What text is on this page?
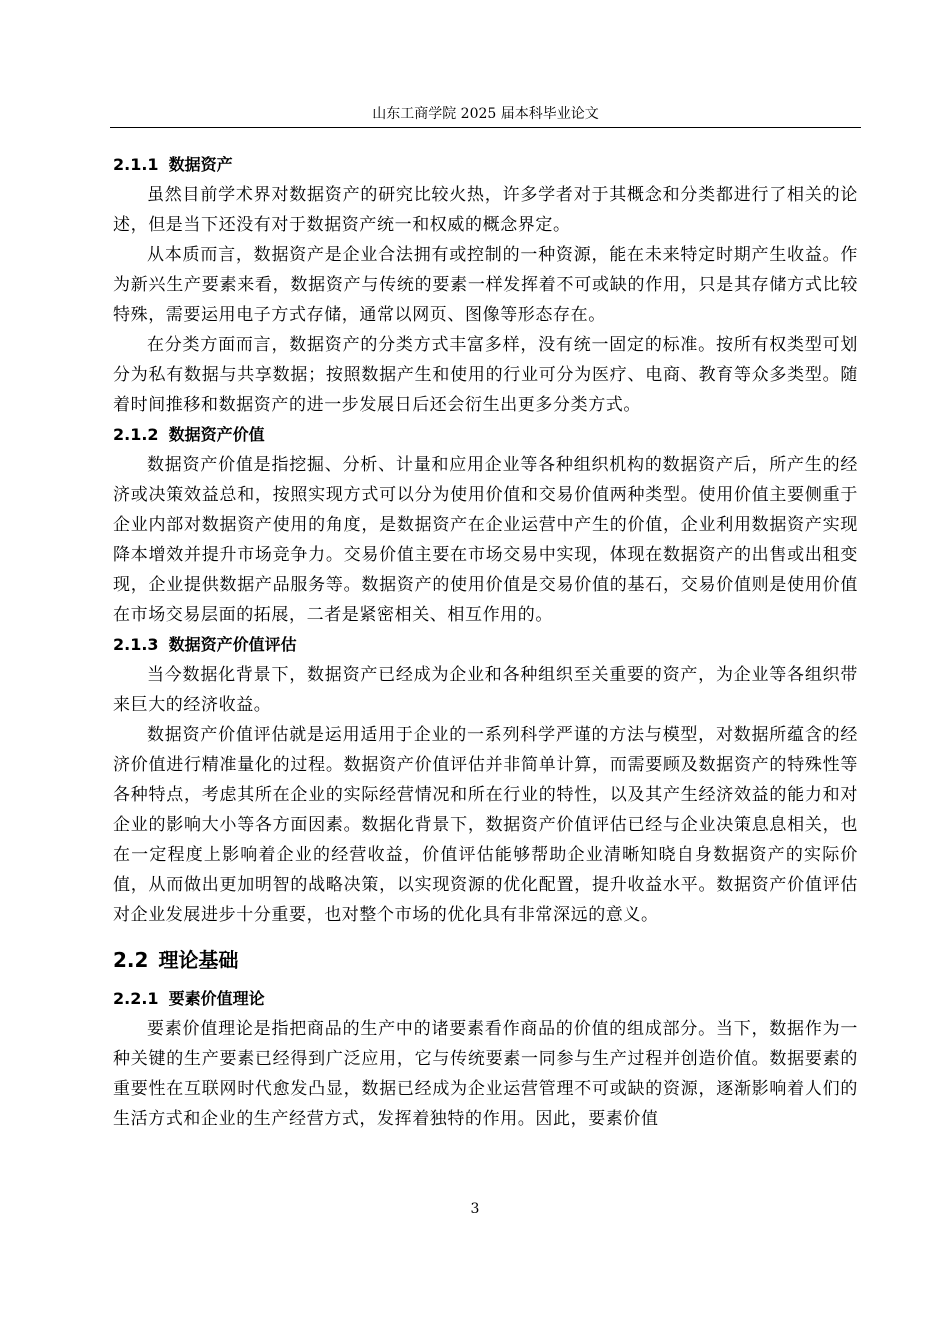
山东工商学院 2025 届本科毕业论文
2.1.1 数据资产

虽然目前学术界对数据资产的研究比较火热，许多学者对于其概念和分类都进行了相关的论述，但是当下还没有对于数据资产统一和权威的概念界定。

从本质而言，数据资产是企业合法拥有或控制的一种资源，能在未来特定时期产生收益。作为新兴生产要素来看，数据资产与传统的要素一样发挥着不可或缺的作用，只是其存储方式比较特殊，需要运用电子方式存储，通常以网页、图像等形态存在。

在分类方面而言，数据资产的分类方式丰富多样，没有统一固定的标准。按所有权类型可划分为私有数据与共享数据；按照数据产生和使用的行业可分为医疗、电商、教育等众多类型。随着时间推移和数据资产的进一步发展日后还会衍生出更多分类方式。

2.1.2 数据资产价值

数据资产价值是指挖掘、分析、计量和应用企业等各种组织机构的数据资产后，所产生的经济或决策效益总和，按照实现方式可以分为使用价值和交易价值两种类型。使用价值主要侧重于企业内部对数据资产使用的角度，是数据资产在企业运营中产生的价值，企业利用数据资产实现降本增效并提升市场竞争力。交易价值主要在市场交易中实现，体现在数据资产的出售或出租变现，企业提供数据产品服务等。数据资产的使用价值是交易价值的基石，交易价值则是使用价值在市场交易层面的拓展，二者是紧密相关、相互作用的。

2.1.3 数据资产价值评估

当今数据化背景下，数据资产已经成为企业和各种组织至关重要的资产，为企业等各组织带来巨大的经济收益。

数据资产价值评估就是运用适用于企业的一系列科学严谨的方法与模型，对数据所蕴含的经济价值进行精准量化的过程。数据资产价值评估并非简单计算，而需要顾及数据资产的特殊性等各种特点，考虑其所在企业的实际经营情况和所在行业的特性，以及其产生经济效益的能力和对企业的影响大小等各方面因素。数据化背景下，数据资产价值评估已经与企业决策息息相关，也在一定程度上影响着企业的经营收益，价值评估能够帮助企业清晰知晓自身数据资产的实际价值，从而做出更加明智的战略决策，以实现资源的优化配置，提升收益水平。数据资产价值评估对企业发展进步十分重要，也对整个市场的优化具有非常深远的意义。

2.2 理论基础
2.2.1 要素价值理论

要素价值理论是指把商品的生产中的诸要素看作商品的价值的组成部分。当下，数据作为一种关键的生产要素已经得到广泛应用，它与传统要素一同参与生产过程并创造价值。数据要素的重要性在互联网时代愈发凸显，数据已经成为企业运营管理不可或缺的资源，逐渐影响着人们的生活方式和企业的生产经营方式，发挥着独特的作用。因此，要素价值

3
